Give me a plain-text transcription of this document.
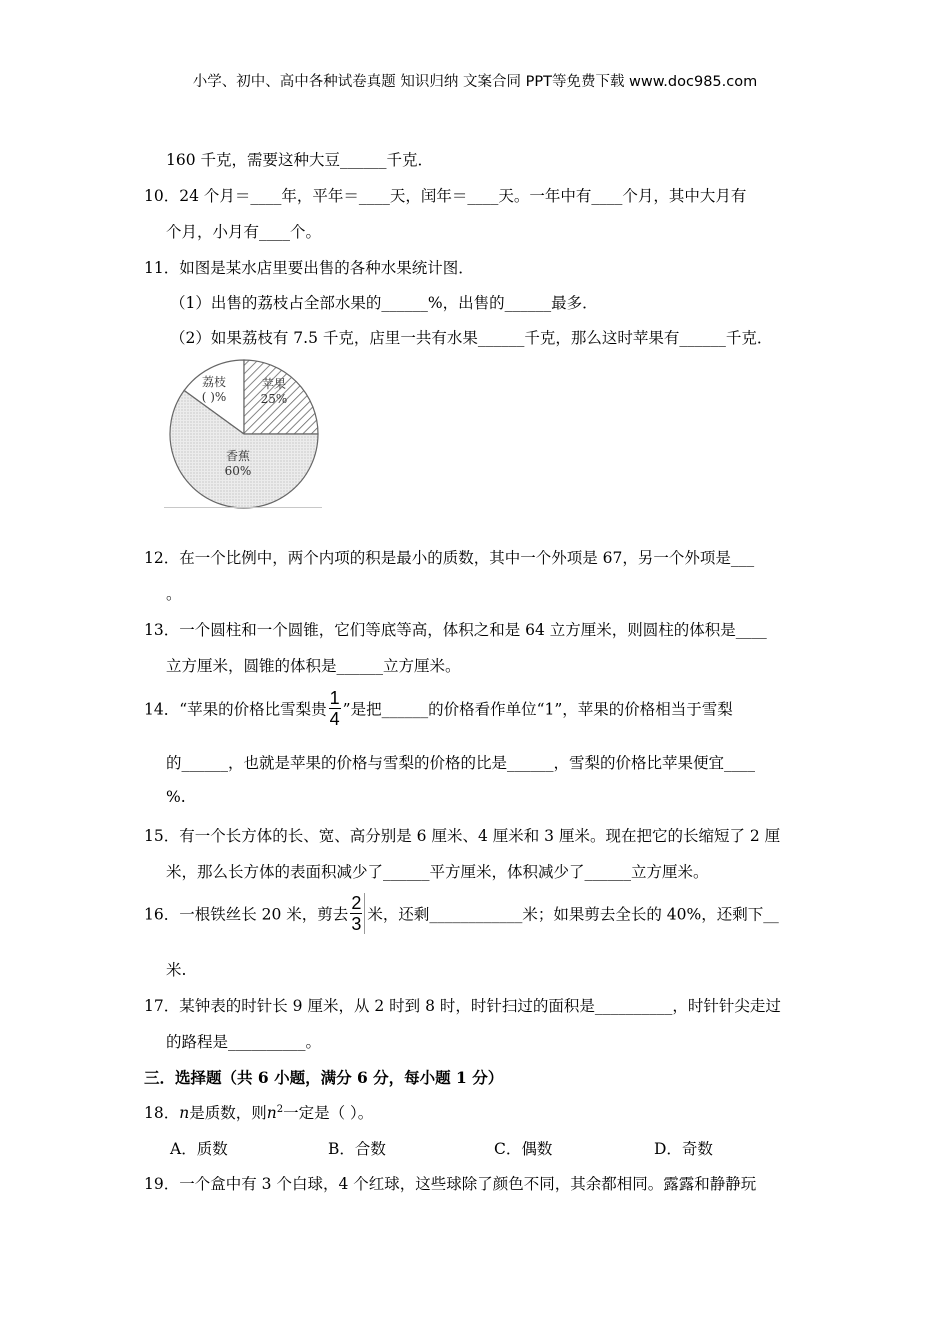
小学、初中、高中各种试卷真题 知识归纳 文案合同 PPT等免费下载 www.doc985.com
160 千克，需要这种大豆______千克．
10．24 个月＝____年，平年＝____天，闰年＝____天。一年中有____个月，其中大月有
个月，小月有____个。
11．如图是某水店里要出售的各种水果统计图．
（1）出售的荔枝占全部水果的______%，出售的______最多．
（2）如果荔枝有 7.5 千克，店里一共有水果______千克，那么这时苹果有______千克．
荔枝
( )%
苹果
25%
香蕉
60%
12．在一个比例中，两个内项的积是最小的质数，其中一个外项是 67，另一个外项是___
。
13．一个圆柱和一个圆锥，它们等底等高，体积之和是 64 立方厘米，则圆柱的体积是____
立方厘米，圆锥的体积是______立方厘米。
14．“苹果的价格比雪梨贵 $\frac{1}{4}$ ”是把______的价格看作单位“1”，苹果的价格相当于雪梨
的______，也就是苹果的价格与雪梨的价格的比是______，雪梨的价格比苹果便宜____
%.
15．有一个长方体的长、宽、高分别是 6 厘米、4 厘米和 3 厘米。现在把它的长缩短了 2 厘
米，那么长方体的表面积减少了______平方厘米，体积减少了______立方厘米。
16．一根铁丝长 20 米，剪去 $\frac{2}{3}$ 米，还剩____________米；如果剪去全长的 40%，还剩下__
米.
17．某钟表的时针长 9 厘米，从 2 时到 8 时，时针扫过的面积是__________，时针针尖走过
的路程是__________。
三．选择题（共 6 小题，满分 6 分，每小题 1 分）
18．n是质数，则$n^2$一定是（ ）。
A．质数	B．合数	C．偶数	D．奇数
19．一个盒中有 3 个白球，4 个红球，这些球除了颜色不同，其余都相同。露露和静静玩
